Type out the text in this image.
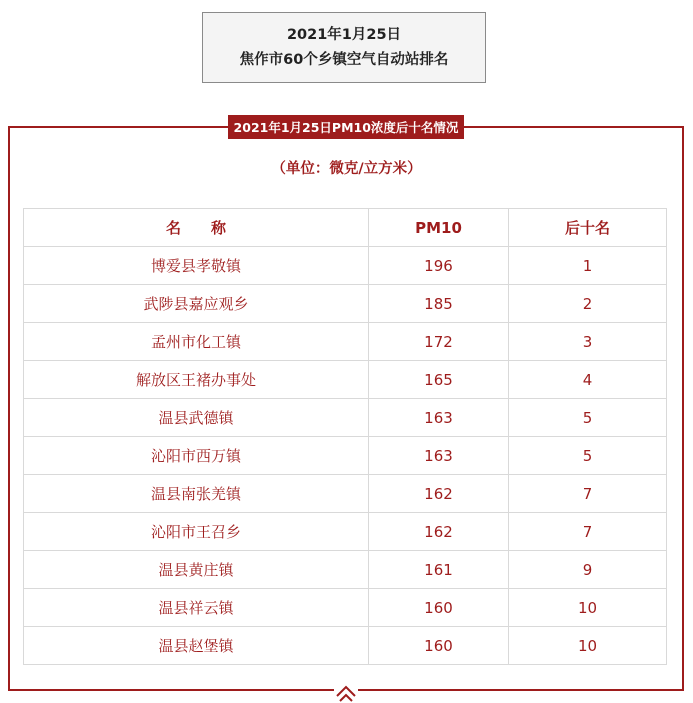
2021年1月25日
焦作市60个乡镇空气自动站排名
2021年1月25日PM10浓度后十名情况
（单位：微克/立方米）
名　　称	PM10	后十名
博爱县孝敬镇	196	1
武陟县嘉应观乡	185	2
孟州市化工镇	172	3
解放区王褚办事处	165	4
温县武德镇	163	5
沁阳市西万镇	163	5
温县南张羌镇	162	7
沁阳市王召乡	162	7
温县黄庄镇	161	9
温县祥云镇	160	10
温县赵堡镇	160	10
